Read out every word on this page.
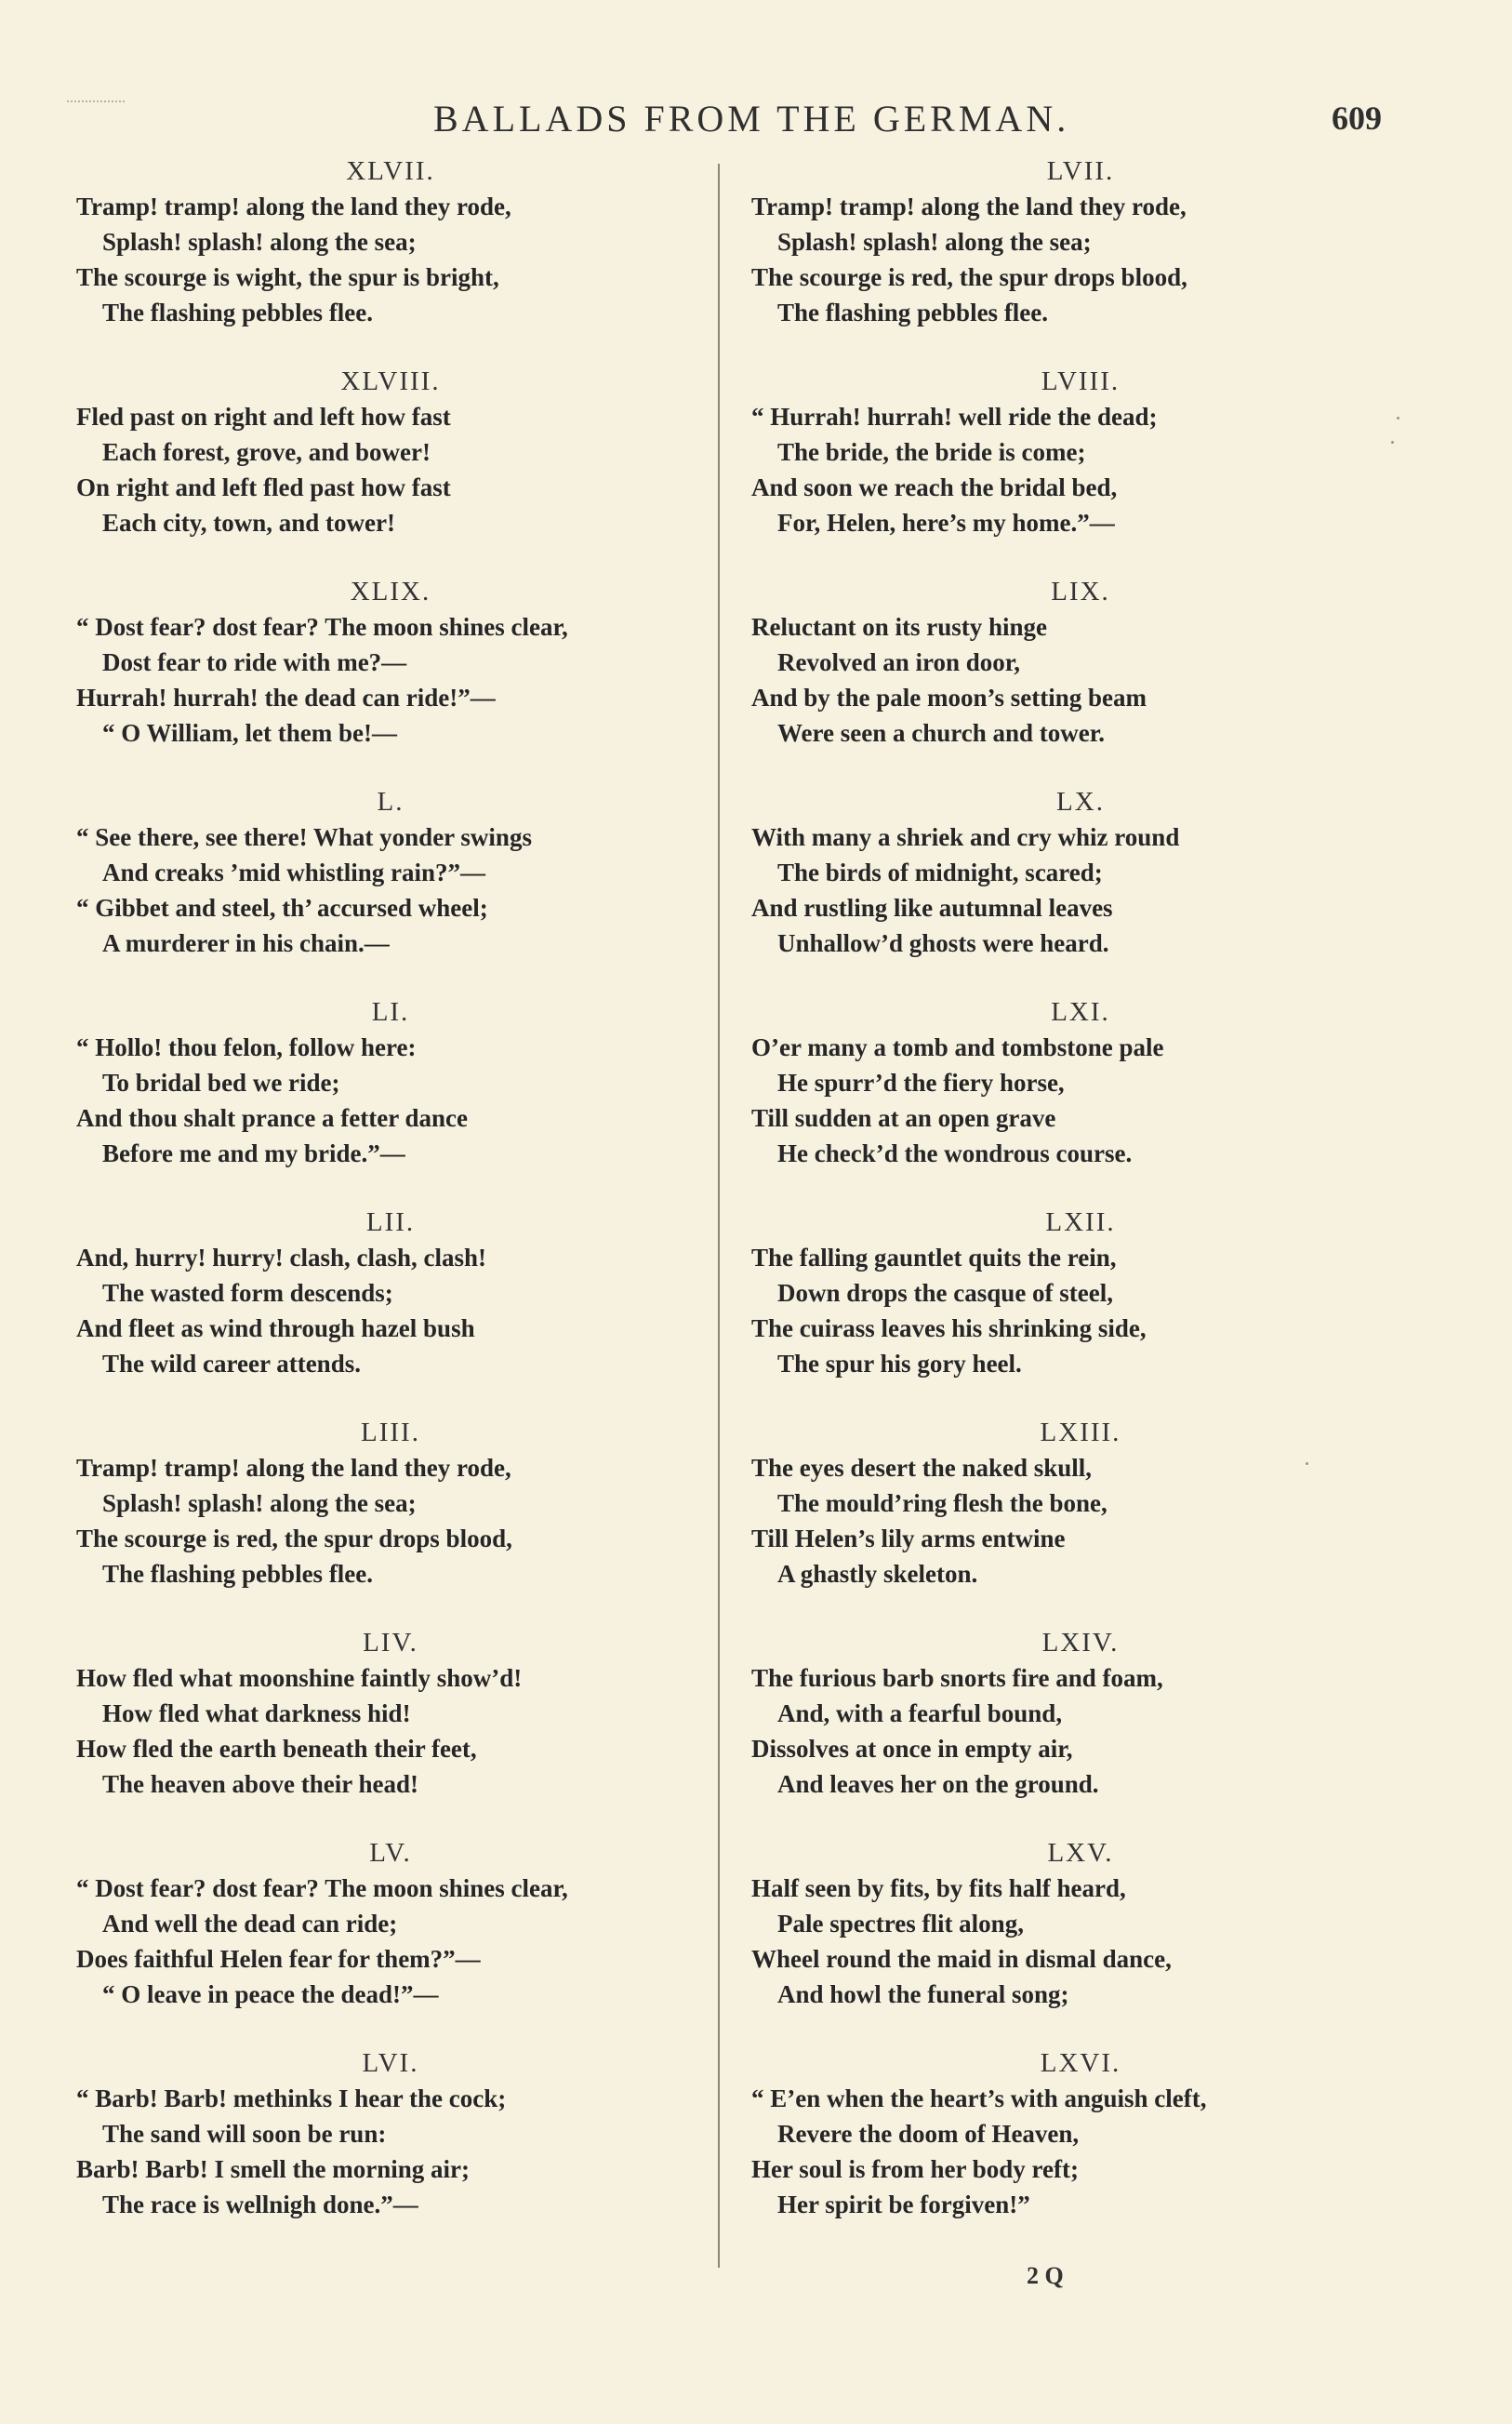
BALLADS FROM THE GERMAN.	609
XLVII.
Tramp! tramp! along the land they rode,
Splash! splash! along the sea;
The scourge is wight, the spur is bright,
The flashing pebbles flee.
XLVIII.
Fled past on right and left how fast
Each forest, grove, and bower!
On right and left fled past how fast
Each city, town, and tower!
XLIX.
“ Dost fear? dost fear? The moon shines clear,
Dost fear to ride with me?—
Hurrah! hurrah! the dead can ride!”—
“ O William, let them be!—
L.
“ See there, see there! What yonder swings
And creaks ’mid whistling rain?”—
“ Gibbet and steel, th’ accursed wheel;
A murderer in his chain.—
LI.
“ Hollo! thou felon, follow here:
To bridal bed we ride;
And thou shalt prance a fetter dance
Before me and my bride.”—
LII.
And, hurry! hurry! clash, clash, clash!
The wasted form descends;
And fleet as wind through hazel bush
The wild career attends.
LIII.
Tramp! tramp! along the land they rode,
Splash! splash! along the sea;
The scourge is red, the spur drops blood,
The flashing pebbles flee.
LIV.
How fled what moonshine faintly show’d!
How fled what darkness hid!
How fled the earth beneath their feet,
The heaven above their head!
LV.
“ Dost fear? dost fear? The moon shines clear,
And well the dead can ride;
Does faithful Helen fear for them?”—
“ O leave in peace the dead!”—
LVI.
“ Barb! Barb! methinks I hear the cock;
The sand will soon be run:
Barb! Barb! I smell the morning air;
The race is wellnigh done.”—
LVII.
Tramp! tramp! along the land they rode,
Splash! splash! along the sea;
The scourge is red, the spur drops blood,
The flashing pebbles flee.
LVIII.
“ Hurrah! hurrah! well ride the dead;
The bride, the bride is come;
And soon we reach the bridal bed,
For, Helen, here’s my home.”—
LIX.
Reluctant on its rusty hinge
Revolved an iron door,
And by the pale moon’s setting beam
Were seen a church and tower.
LX.
With many a shriek and cry whiz round
The birds of midnight, scared;
And rustling like autumnal leaves
Unhallow’d ghosts were heard.
LXI.
O’er many a tomb and tombstone pale
He spurr’d the fiery horse,
Till sudden at an open grave
He check’d the wondrous course.
LXII.
The falling gauntlet quits the rein,
Down drops the casque of steel,
The cuirass leaves his shrinking side,
The spur his gory heel.
LXIII.
The eyes desert the naked skull,
The mould’ring flesh the bone,
Till Helen’s lily arms entwine
A ghastly skeleton.
LXIV.
The furious barb snorts fire and foam,
And, with a fearful bound,
Dissolves at once in empty air,
And leaves her on the ground.
LXV.
Half seen by fits, by fits half heard,
Pale spectres flit along,
Wheel round the maid in dismal dance,
And howl the funeral song;
LXVI.
“ E’en when the heart’s with anguish cleft,
Revere the doom of Heaven,
Her soul is from her body reft;
Her spirit be forgiven!”
2 Q
